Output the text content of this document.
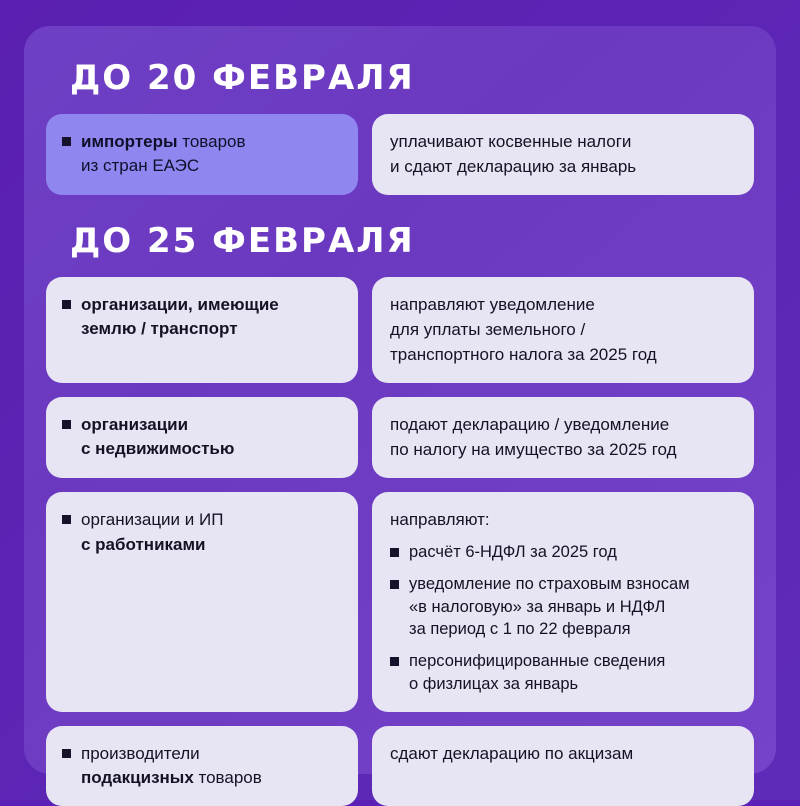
ДО 20 ФЕВРАЛЯ
импортеры товаров
из стран ЕАЭС
уплачивают косвенные налоги
и сдают декларацию за январь
ДО 25 ФЕВРАЛЯ
организации, имеющие
землю / транспорт
направляют уведомление
для уплаты земельного /
транспортного налога за 2025 год
организации
с недвижимостью
подают декларацию / уведомление
по налогу на имущество за 2025 год
организации и ИП
с работниками
направляют:
расчёт 6-НДФЛ за 2025 год
уведомление по страховым взносам
«в налоговую» за январь и НДФЛ
за период с 1 по 22 февраля
персонифицированные сведения
о физлицах за январь
производители
подакцизных товаров
сдают декларацию по акцизам
